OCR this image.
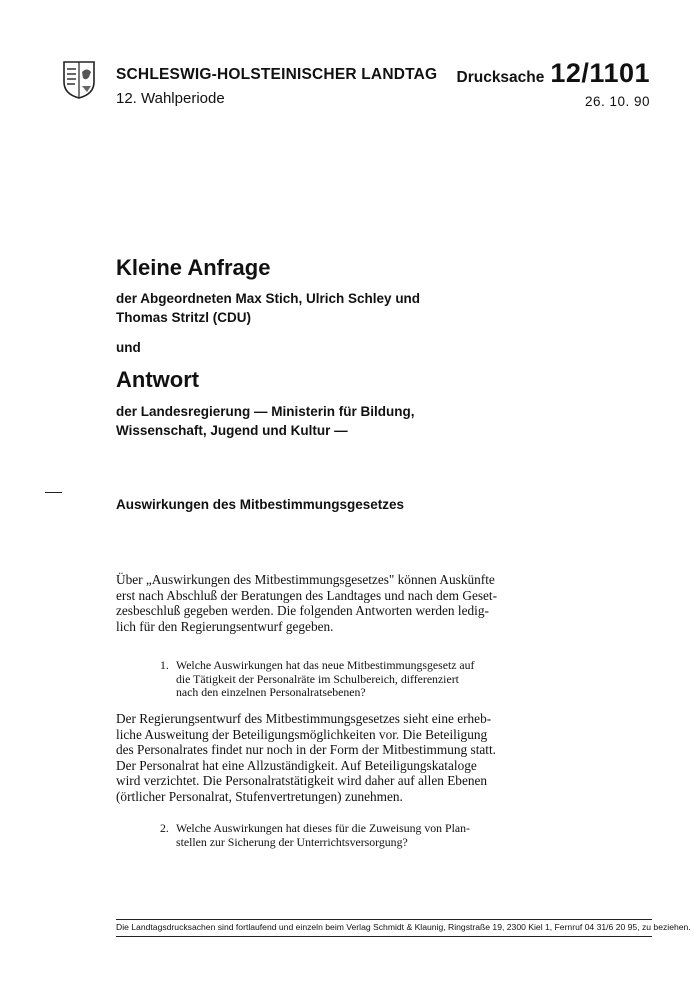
SCHLESWIG-HOLSTEINISCHER LANDTAG
12. Wahlperiode
Drucksache 12/1101
26. 10. 90
Kleine Anfrage
der Abgeordneten Max Stich, Ulrich Schley und
Thomas Stritzl (CDU)
und
Antwort
der Landesregierung — Ministerin für Bildung,
Wissenschaft, Jugend und Kultur —
Auswirkungen des Mitbestimmungsgesetzes
Über „Auswirkungen des Mitbestimmungsgesetzes" können Auskünfte
erst nach Abschluß der Beratungen des Landtages und nach dem Geset-
zesbeschluß gegeben werden. Die folgenden Antworten werden ledig-
lich für den Regierungsentwurf gegeben.
1. Welche Auswirkungen hat das neue Mitbestimmungsgesetz auf
die Tätigkeit der Personalräte im Schulbereich, differenziert
nach den einzelnen Personalratsebenen?
Der Regierungsentwurf des Mitbestimmungsgesetzes sieht eine erheb-
liche Ausweitung der Beteiligungsmöglichkeiten vor. Die Beteiligung
des Personalrates findet nur noch in der Form der Mitbestimmung statt.
Der Personalrat hat eine Allzuständigkeit. Auf Beteiligungskataloge
wird verzichtet. Die Personalratstätigkeit wird daher auf allen Ebenen
(örtlicher Personalrat, Stufenvertretungen) zunehmen.
2. Welche Auswirkungen hat dieses für die Zuweisung von Plan-
stellen zur Sicherung der Unterrichtsversorgung?
Die Landtagsdrucksachen sind fortlaufend und einzeln beim Verlag Schmidt & Klaunig, Ringstraße 19, 2300 Kiel 1, Fernruf 04 31/6 20 95, zu beziehen.
